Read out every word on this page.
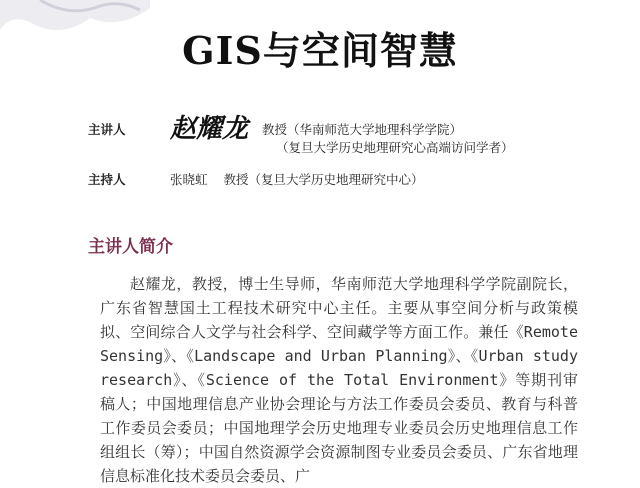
GIS与空间智慧
主讲人 赵耀龙 教授（华南师范大学地理科学学院）
（复旦大学历史地理研究心高端访问学者）
主持人	张晓虹 教授（复旦大学历史地理研究中心）
主讲人简介
赵耀龙，教授，博士生导师，华南师范大学地理科学学院副院长，广东省智慧国土工程技术研究中心主任。主要从事空间分析与政策模拟、空间综合人文学与社会科学、空间藏学等方面工作。兼任《Remote Sensing》、《Landscape and Urban Planning》、《Urban study research》、《Science of the Total Environment》等期刊审稿人；中国地理信息产业协会理论与方法工作委员会委员、教育与科普工作委员会委员；中国地理学会历史地理专业委员会历史地理信息工作组组长（筹）；中国自然资源学会资源制图专业委员会委员、广东省地理信息标准化技术委员会委员、广
